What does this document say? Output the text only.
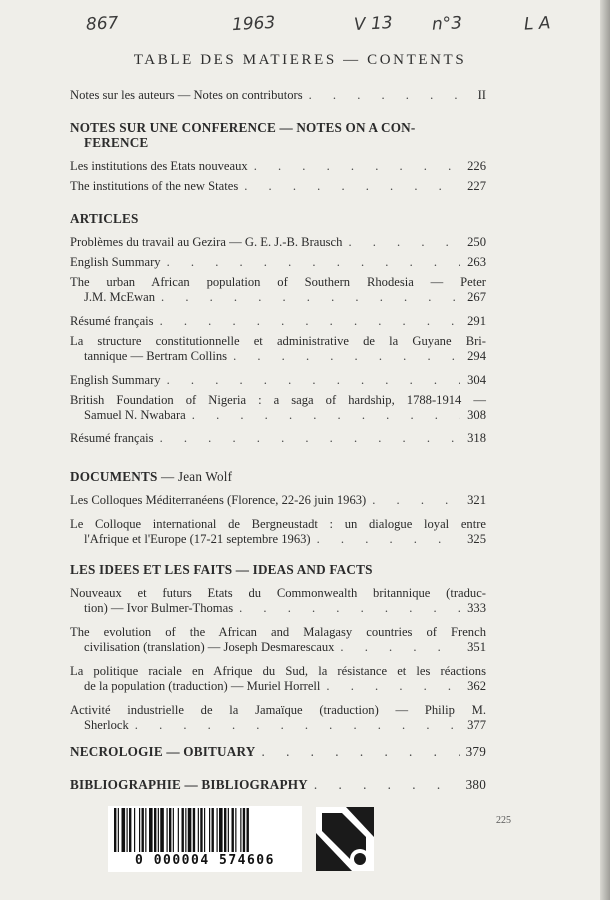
867	1963	V 13 n°3	L A
TABLE DES MATIERES — CONTENTS
Notes sur les auteurs — Notes on contributors . . .	II
NOTES SUR UNE CONFERENCE — NOTES ON A CON-
FERENCE
Les institutions des Etats nouveaux . . .	226
The institutions of the new States . . .	227
ARTICLES
Problèmes du travail au Gezira — G. E. J.-B. Brausch . . .	250
English Summary . . .	263
The urban African population of Southern Rhodesia — Peter
J.M. McEwan . . .	267
Résumé français . . .	291
La structure constitutionnelle et administrative de la Guyane Bri-
tannique — Bertram Collins . . .	294
English Summary . . .	304
British Foundation of Nigeria : a saga of hardship, 1788-1914 —
Samuel N. Nwabara . . .	308
Résumé français . . .	318
DOCUMENTS — Jean Wolf
Les Colloques Méditerranéens (Florence, 22-26 juin 1963) . . .	321
Le Colloque international de Bergneustadt : un dialogue loyal entre
l'Afrique et l'Europe (17-21 septembre 1963) . . .	325
LES IDEES ET LES FAITS — IDEAS AND FACTS
Nouveaux et futurs Etats du Commonwealth britannique (traduc-
tion) — Ivor Bulmer-Thomas . . .	333
The evolution of the African and Malagasy countries of French
civilisation (translation) — Joseph Desmarescaux . . .	351
La politique raciale en Afrique du Sud, la résistance et les réactions
de la population (traduction) — Muriel Horrell . . .	362
Activité industrielle de la Jamaïque (traduction) — Philip M.
Sherlock . . .	377
NECROLOGIE — OBITUARY . . .	379
BIBLIOGRAPHIE — BIBLIOGRAPHY . . .	380
225
0 000004 574606
